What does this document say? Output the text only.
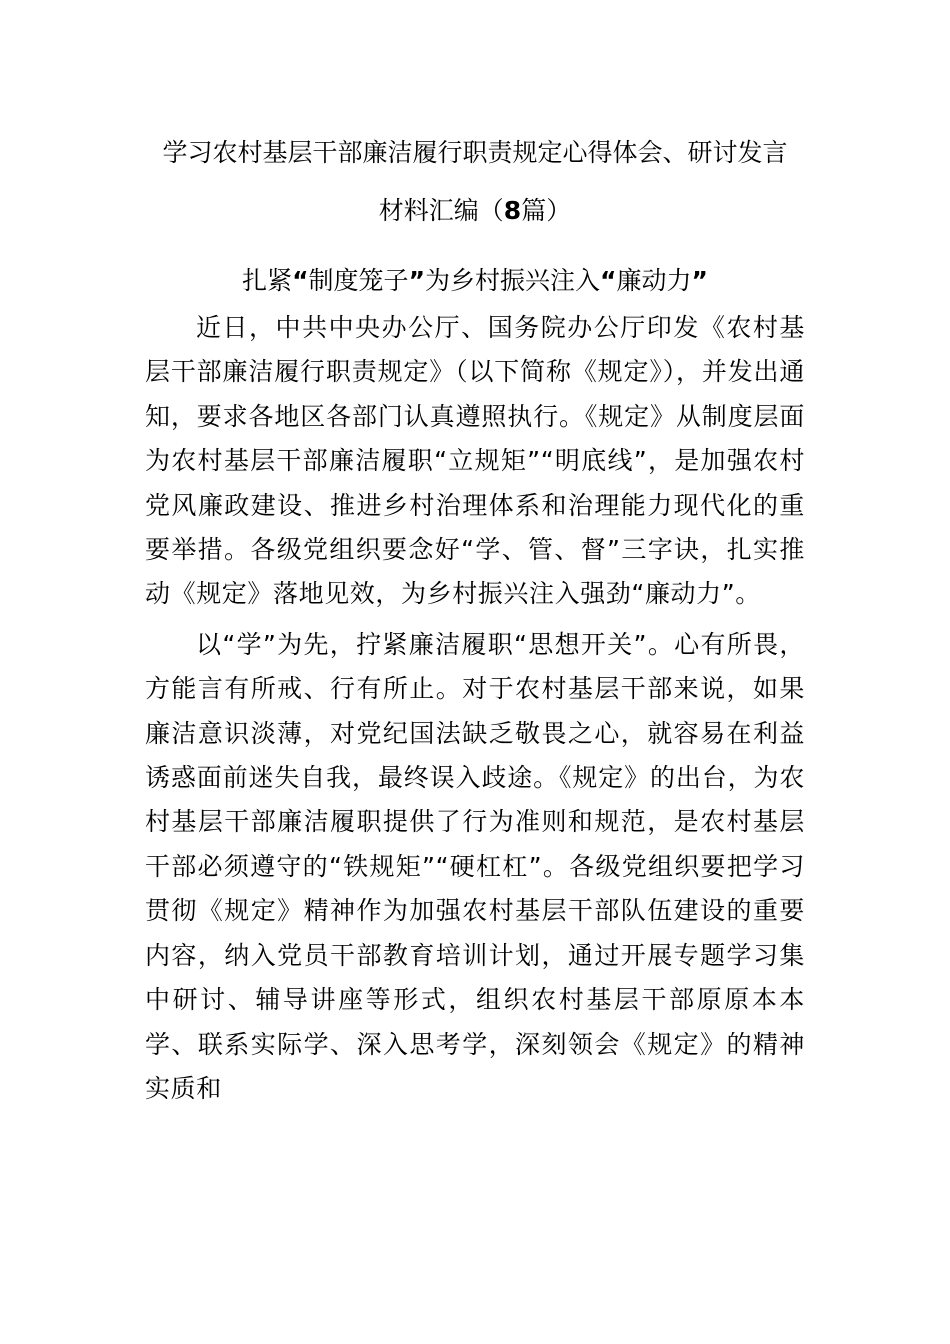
学习农村基层干部廉洁履行职责规定心得体会、研讨发言
材料汇编（8篇）
扎紧“制度笼子”为乡村振兴注入“廉动力”

近日，中共中央办公厅、国务院办公厅印发《农村基层干部廉洁履行职责规定》（以下简称《规定》），并发出通知，要求各地区各部门认真遵照执行。《规定》从制度层面为农村基层干部廉洁履职“立规矩”“明底线”，是加强农村党风廉政建设、推进乡村治理体系和治理能力现代化的重要举措。各级党组织要念好“学、管、督”三字诀，扎实推动《规定》落地见效，为乡村振兴注入强劲“廉动力”。

以“学”为先，拧紧廉洁履职“思想开关”。心有所畏，方能言有所戒、行有所止。对于农村基层干部来说，如果廉洁意识淡薄，对党纪国法缺乏敬畏之心，就容易在利益诱惑面前迷失自我，最终误入歧途。《规定》的出台，为农村基层干部廉洁履职提供了行为准则和规范，是农村基层干部必须遵守的“铁规矩”“硬杠杠”。各级党组织要把学习贯彻《规定》精神作为加强农村基层干部队伍建设的重要内容，纳入党员干部教育培训计划，通过开展专题学习集中研讨、辅导讲座等形式，组织农村基层干部原原本本学、联系实际学、深入思考学，深刻领会《规定》的精神实质和
